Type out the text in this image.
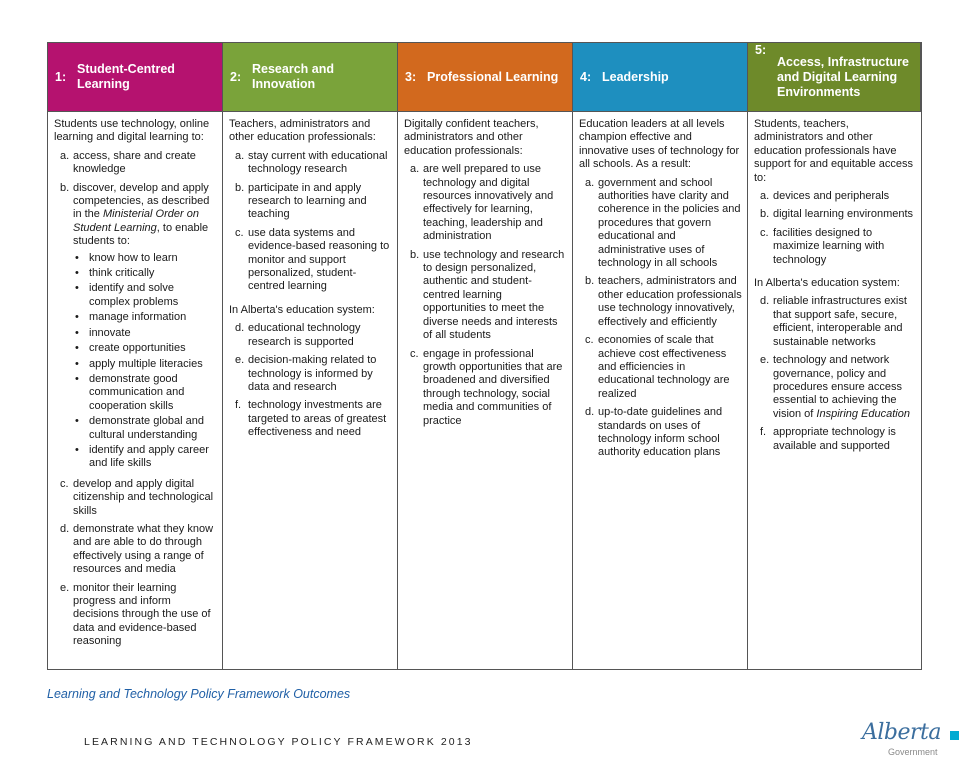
1:
Student-Centred Learning
2:
Research and Innovation
3: Professional Learning	4: Leadership
5:
Access, Infrastructure and Digital Learning Environments

Students use technology, online learning and digital learning to:

a. access, share and create knowledge
b. discover, develop and apply competencies, as described in the Ministerial Order on Student Learning, to enable students to:
• know how to learn
• think critically
• identify and solve complex problems
• manage information
• innovate
• create opportunities
• apply multiple literacies
• demonstrate good communication and cooperation skills
• demonstrate global and cultural understanding
• identify and apply career and life skills
c. develop and apply digital citizenship and technological skills
d. demonstrate what they know and are able to do through effectively using a range of resources and media
e. monitor their learning progress and inform decisions through the use of data and evidence-based reasoning

Teachers, administrators and other education professionals:

a. stay current with educational technology research
b. participate in and apply research to learning and teaching
c. use data systems and evidence-based reasoning to monitor and support personalized, student-centred learning

In Alberta's education system:

d. educational technology research is supported
e. decision-making related to technology is informed by data and research
f. technology investments are targeted to areas of greatest effectiveness and need

Digitally confident teachers, administrators and other education professionals:

a. are well prepared to use technology and digital resources innovatively and effectively for learning, teaching, leadership and administration
b. use technology and research to design personalized, authentic and student-centred learning opportunities to meet the diverse needs and interests of all students
c. engage in professional growth opportunities that are broadened and diversified through technology, social media and communities of practice

Education leaders at all levels champion effective and innovative uses of technology for all schools. As a result:

a. government and school authorities have clarity and coherence in the policies and procedures that govern educational and administrative uses of technology in all schools
b. teachers, administrators and other education professionals use technology innovatively, effectively and efficiently
c. economies of scale that achieve cost effectiveness and efficiencies in educational technology are realized
d. up-to-date guidelines and standards on uses of technology inform school authority education plans

Students, teachers, administrators and other education professionals have support for and equitable access to:

a. devices and peripherals
b. digital learning environments
c. facilities designed to maximize learning with technology

In Alberta's education system:

d. reliable infrastructures exist that support safe, secure, efficient, interoperable and sustainable networks
e. technology and network governance, policy and procedures ensure access essential to achieving the vision of Inspiring Education
f. appropriate technology is available and supported
Learning and Technology Policy Framework Outcomes
LEARNING AND TECHNOLOGY POLICY FRAMEWORK 2013	Alberta
Government
